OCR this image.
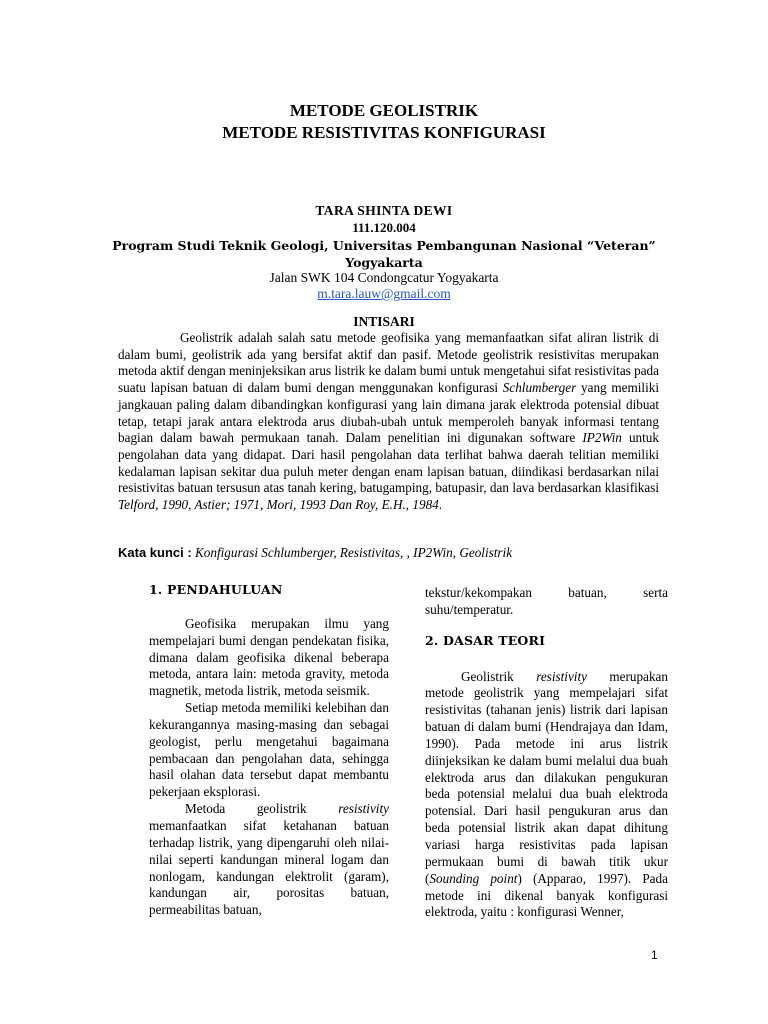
METODE GEOLISTRIK
METODE RESISTIVITAS KONFIGURASI
TARA SHINTA DEWI
111.120.004
Program Studi Teknik Geologi, Universitas Pembangunan Nasional “Veteran”
Yogyakarta
Jalan SWK 104 Condongcatur Yogyakarta
m.tara.lauw@gmail.com
INTISARI

Geolistrik adalah salah satu metode geofisika yang memanfaatkan sifat aliran listrik di dalam bumi, geolistrik ada yang bersifat aktif dan pasif. Metode geolistrik resistivitas merupakan metoda aktif dengan meninjeksikan arus listrik ke dalam bumi untuk mengetahui sifat resistivitas pada suatu lapisan batuan di dalam bumi dengan menggunakan konfigurasi Schlumberger yang memiliki jangkauan paling dalam dibandingkan konfigurasi yang lain dimana jarak elektroda potensial dibuat tetap, tetapi jarak antara elektroda arus diubah-ubah untuk memperoleh banyak informasi tentang bagian dalam bawah permukaan tanah. Dalam penelitian ini digunakan software IP2Win untuk pengolahan data yang didapat. Dari hasil pengolahan data terlihat bahwa daerah telitian memiliki kedalaman lapisan sekitar dua puluh meter dengan enam lapisan batuan, diindikasi berdasarkan nilai resistivitas batuan tersusun atas tanah kering, batugamping, batupasir, dan lava berdasarkan klasifikasi Telford, 1990, Astier; 1971, Mori, 1993 Dan Roy, E.H., 1984.

Kata kunci : Konfigurasi Schlumberger, Resistivitas, , IP2Win, Geolistrik

1. PENDAHULUAN

Geofisika merupakan ilmu yang mempelajari bumi dengan pendekatan fisika, dimana dalam geofisika dikenal beberapa metoda, antara lain: metoda gravity, metoda magnetik, metoda listrik, metoda seismik.

Setiap metoda memiliki kelebihan dan kekurangannya masing-masing dan sebagai geologist, perlu mengetahui bagaimana pembacaan dan pengolahan data, sehingga hasil olahan data tersebut dapat membantu pekerjaan eksplorasi.

Metoda geolistrik resistivity memanfaatkan sifat ketahanan batuan terhadap listrik, yang dipengaruhi oleh nilai-nilai seperti kandungan mineral logam dan nonlogam, kandungan elektrolit (garam), kandungan air, porositas batuan, permeabilitas batuan,

tekstur/kekompakan batuan, serta suhu/temperatur.

2. DASAR TEORI

Geolistrik resistivity merupakan metode geolistrik yang mempelajari sifat resistivitas (tahanan jenis) listrik dari lapisan batuan di dalam bumi (Hendrajaya dan Idam, 1990). Pada metode ini arus listrik diinjeksikan ke dalam bumi melalui dua buah elektroda arus dan dilakukan pengukuran beda potensial melalui dua buah elektroda potensial. Dari hasil pengukuran arus dan beda potensial listrik akan dapat dihitung variasi harga resistivitas pada lapisan permukaan bumi di bawah titik ukur (Sounding point) (Apparao, 1997). Pada metode ini dikenal banyak konfigurasi elektroda, yaitu : konfigurasi Wenner,

1
